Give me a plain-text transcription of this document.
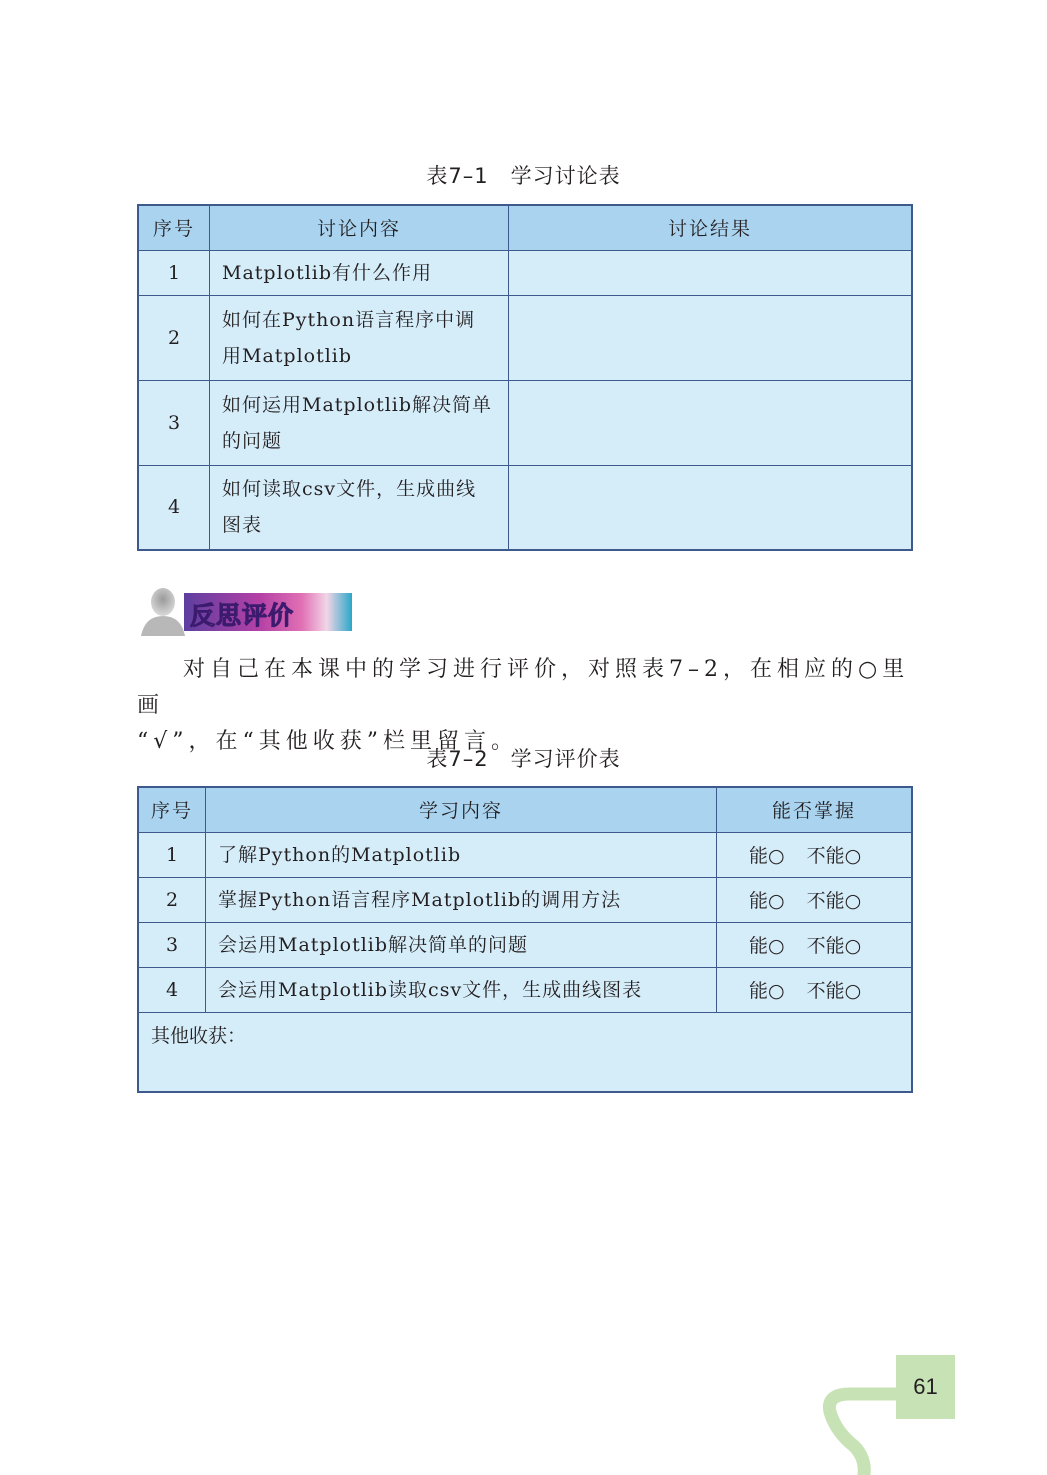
表7–1　学习讨论表
序号	讨论内容	讨论结果
1	Matplotlib有什么作用	
2	如何在Python语言程序中调
用Matplotlib	
3	如何运用Matplotlib解决简单
的问题	
4	如何读取csv文件，生成曲线
图表	
反思评价
对自己在本课中的学习进行评价，对照表7–2，在相应的○里画
“√”，在“其他收获”栏里留言。
表7–2　学习评价表
序号	学习内容	能否掌握
1	了解Python的Matplotlib	能○ 不能○
2	掌握Python语言程序Matplotlib的调用方法	能○ 不能○
3	会运用Matplotlib解决简单的问题	能○ 不能○
4	会运用Matplotlib读取csv文件，生成曲线图表	能○ 不能○
其他收获：		
61
